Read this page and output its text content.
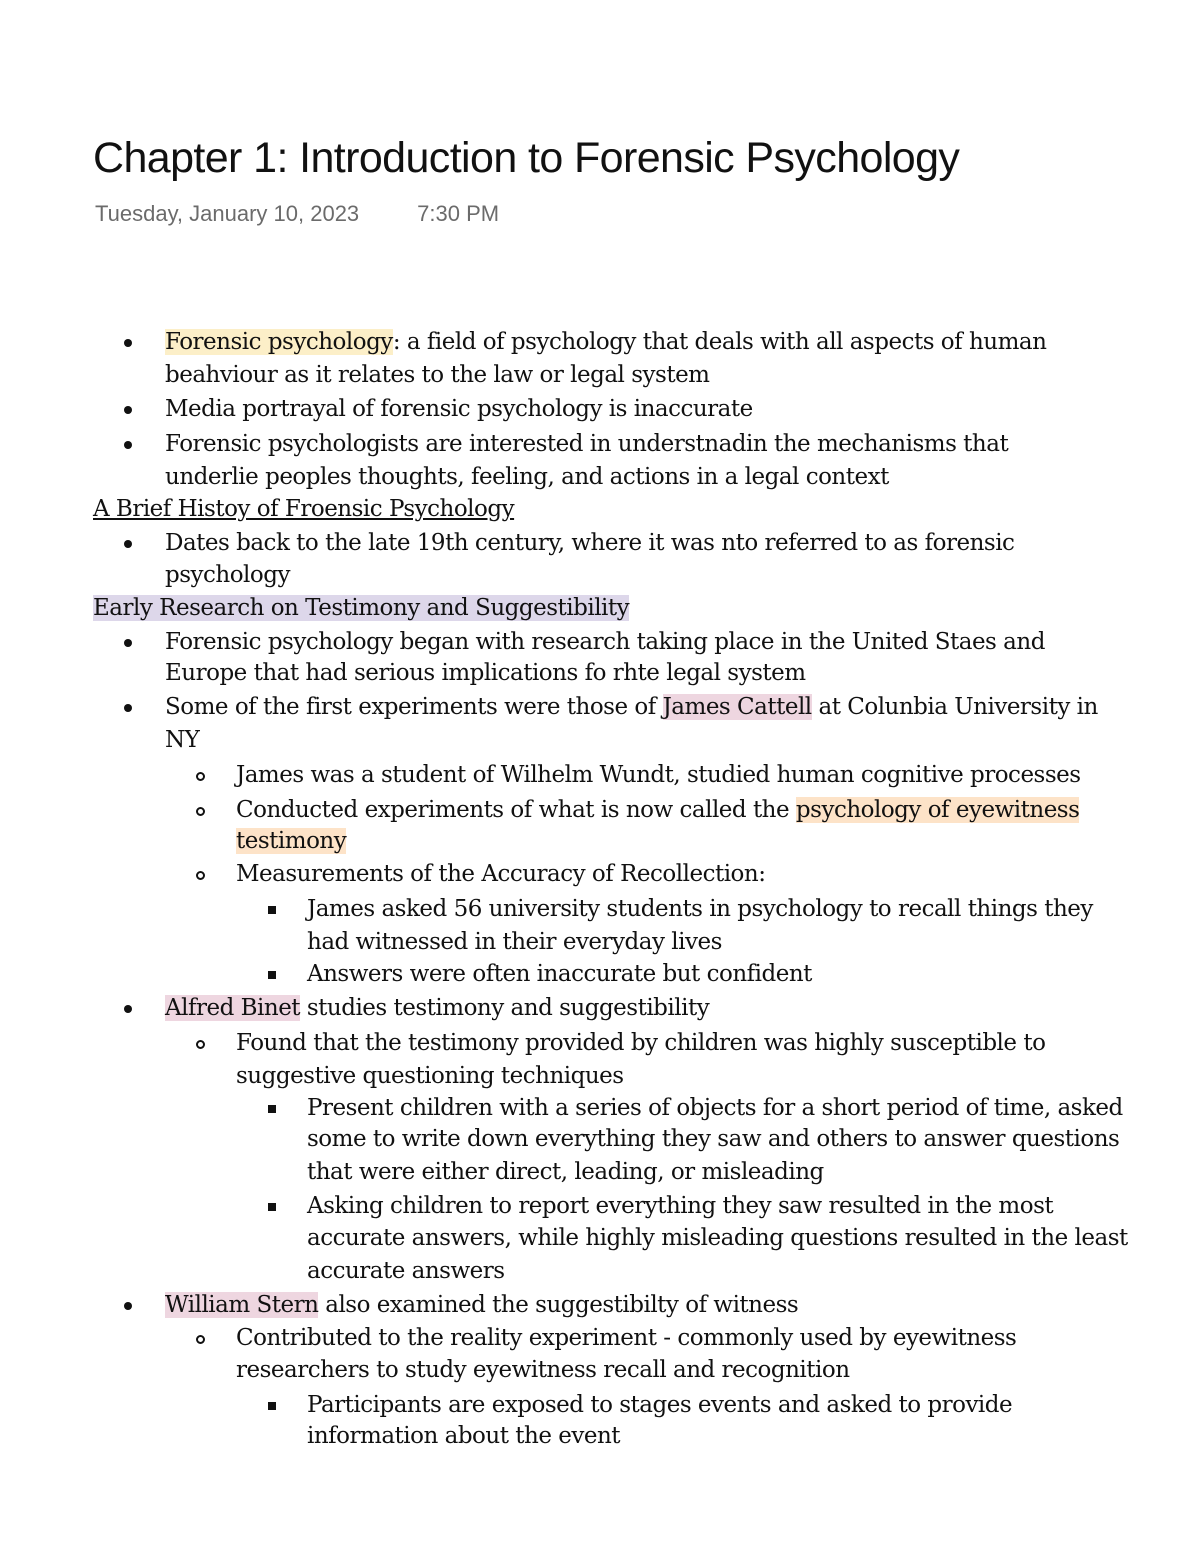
Chapter 1: Introduction to Forensic Psychology
Tuesday, January 10, 2023	7:30 PM
Forensic psychology: a field of psychology that deals with all aspects of human
beahviour as it relates to the law or legal system
Media portrayal of forensic psychology is inaccurate
Forensic psychologists are interested in understnadin the mechanisms that
underlie peoples thoughts, feeling, and actions in a legal context
A Brief Histoy of Froensic Psychology
Dates back to the late 19th century, where it was nto referred to as forensic
psychology
Early Research on Testimony and Suggestibility
Forensic psychology began with research taking place in the United Staes and
Europe that had serious implications fo rhte legal system
Some of the first experiments were those of James Cattell at Colunbia University in
NY
James was a student of Wilhelm Wundt, studied human cognitive processes
Conducted experiments of what is now called the psychology of eyewitness
testimony
Measurements of the Accuracy of Recollection:
James asked 56 university students in psychology to recall things they
had witnessed in their everyday lives
Answers were often inaccurate but confident
Alfred Binet studies testimony and suggestibility
Found that the testimony provided by children was highly susceptible to
suggestive questioning techniques
Present children with a series of objects for a short period of time, asked
some to write down everything they saw and others to answer questions
that were either direct, leading, or misleading
Asking children to report everything they saw resulted in the most
accurate answers, while highly misleading questions resulted in the least
accurate answers
William Stern also examined the suggestibilty of witness
Contributed to the reality experiment - commonly used by eyewitness
researchers to study eyewitness recall and recognition
Participants are exposed to stages events and asked to provide
information about the event
